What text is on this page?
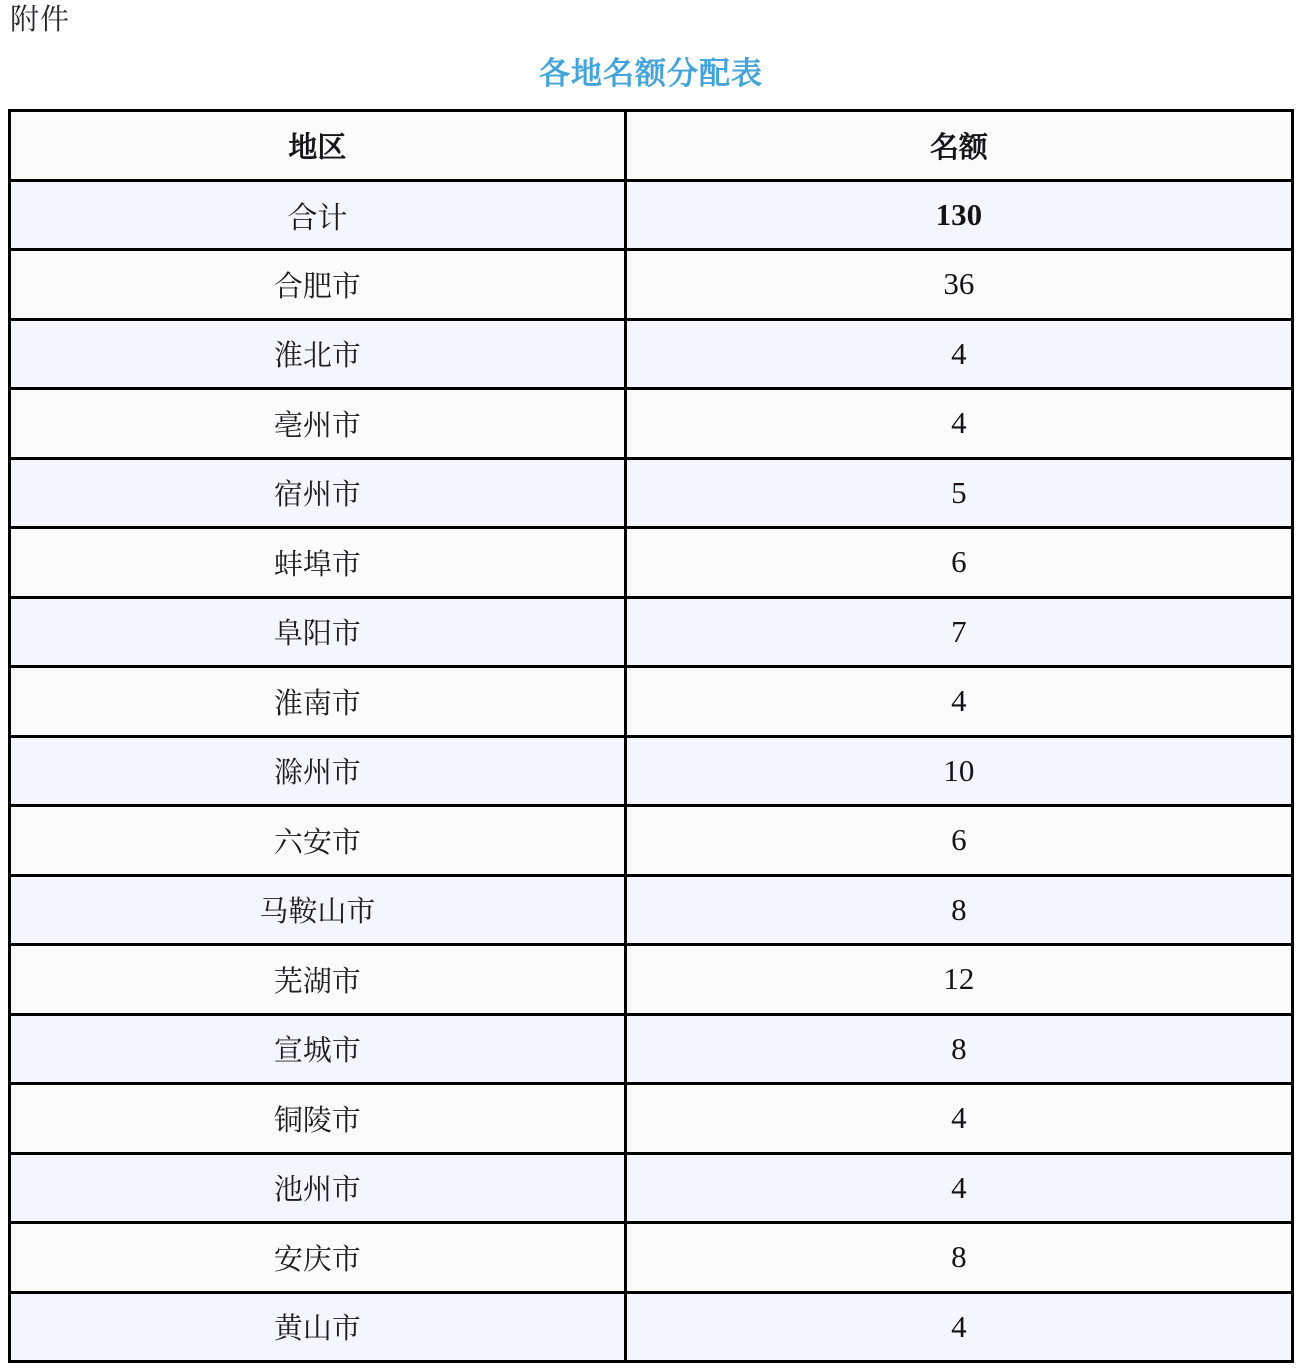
附件
各地名额分配表
地区	名额
合计	130
合肥市	36
淮北市	4
亳州市	4
宿州市	5
蚌埠市	6
阜阳市	7
淮南市	4
滁州市	10
六安市	6
马鞍山市	8
芜湖市	12
宣城市	8
铜陵市	4
池州市	4
安庆市	8
黄山市	4
